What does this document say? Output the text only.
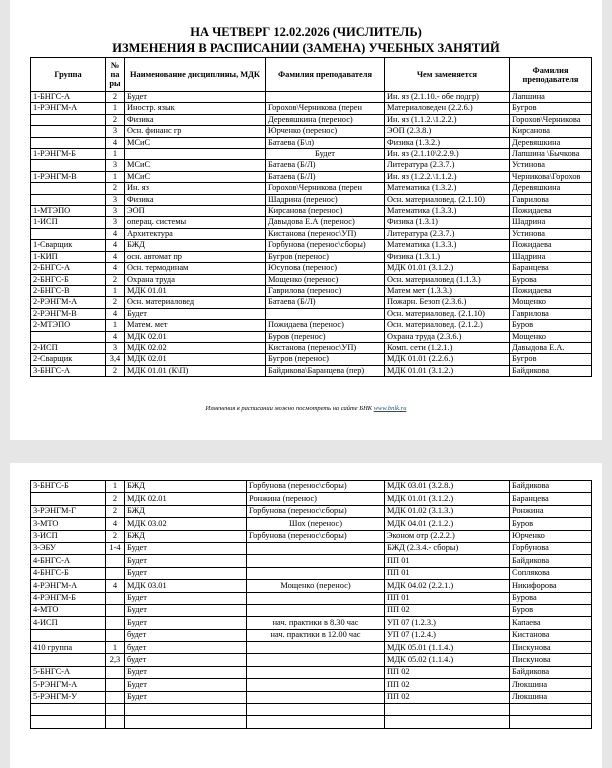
НА ЧЕТВЕРГ 12.02.2026 (ЧИСЛИТЕЛЬ)
ИЗМЕНЕНИЯ В РАСПИСАНИИ (ЗАМЕНА) УЧЕБНЫХ ЗАНЯТИЙ
Группа	№ па ры	Наименование дисциплины, МДК	Фамилия преподавателя	Чем заменяется	Фамилия преподавателя
1-БНГС-А	2	Будет		Ин. яз (2.1.10.- обе подгр)	Лапшина
1-РЭНГМ-А	1	Иностр. язык	Горохов\Черникова (перен	Материаловеден (2.2.6.)	Бугров
	2	Физика	Деревяшкина (перенос)	Ин. яз (1.1.2.\1.2.2.)	Горохов\Черникова
	3	Осн. финанс гр	Юрченко (перенос)	ЭОП (2.3.8.)	Кирсанова
	4	МСиС	Батаева (Б\л)	Физика (1.3.2.)	Деревяшкина
1-РЭНГМ-Б	1		Будет	Ин. яз (2.1.10\2.2.9.)	Лапшина \Бычкова
	3	МСиС	Батаева (Б/Л)	Литература (2.3.7.)	Устинова
1-РЭНГМ-В	1	МСиС	Батаева (Б/Л)	Ин. яз (1.2.2.\1.1.2.)	Черникова\Горохов
	2	Ин. яз	Горохов\Черникова (перен	Математика (1.3.2.)	Деревяшкина
	3	Физика	Шадрина (перенос)	Осн. материаловед. (2.1.10)	Гаврилова
1-МТЭПО	3	ЭОП	Кирсанова (перенос)	Математика (1.3.3.)	Пожидаева
1-ИСП	3	операц. системы	Давыдова Е.А (перенос)	Физика (1.3.1)	Шадрина
	4	Архитектура	Кистанова (перенос\УП)	Литература (2.3.7.)	Устинова
1-Сварщик	4	БЖД	Горбунова (перенос\сборы)	Математика (1.3.3.)	Пожидаева
1-КИП	4	осн. автомат пр	Бугров (перенос)	Физика (1.3.1.)	Шадрина
2-БНГС-А	4	Осн. термодинам	Юсупова (перенос)	МДК 01.01 (3.1.2.)	Баранцева
2-БНГС-Б	2	Охрана труда	Мощенко (перенос)	Осн. материаловед (1.1.3.)	Бурова
2-БНГС-В	1	МДК 01.01	Гаврилова (перенос)	Матем мет (1.3.3.)	Пожидаева
2-РЭНГМ-А	2	Осн. материаловед	Батаева (Б/Л)	Пожарн. Безоп (2.3.6.)	Мощенко
2-РЭНГМ-В	4	Будет		Осн. материаловед. (2.1.10)	Гаврилова
2-МТЭПО	1	Матем. мет	Пожидаева (перенос)	Осн. материаловед. (2.1.2.)	Буров
	4	МДК 02.01	Буров (перенос)	Охрана труда (2.3.6.)	Мощенко
2-ИСП	3	МДК 02.02	Кистанова (перенос\УП)	Комп. сети (1.2.1.)	Давыдова Е.А.
2-Сварщик	3,4	МДК 02.01	Бугров (перенос)	МДК 01.01 (2.2.6.)	Бугров
3-БНГС-А	2	МДК 01.01 (К\П)	Байдикова\Баранцева (пер)	МДК 01.01 (3.1.2.)	Байдикова
Изменения в расписании можно посмотреть на сайте БНК www.bnlk.ru
3-БНГС-Б	1	БЖД	Горбунова (перенос\сборы)	МДК 03.01 (3.2.8.)	Байдикова
	2	МДК 02.01	Ронжина (перенос)	МДК 01.01 (3.1.2.)	Баранцева
3-РЭНГМ-Г	2	БЖД	Горбунова (перенос\сборы)	МДК 01.02 (3.1.3.)	Ронжина
3-МТО	4	МДК 03.02	Шох (перенос)	МДК 04.01 (2.1.2.)	Буров
3-ИСП	2	БЖД	Горбунова (перенос\сборы)	Эконом отр (2.2.2.)	Юрченко
3-ЭБУ	1-4	Будет		БЖД (2.3.4.- сборы)	Горбунова
4-БНГС-А		Будет		ПП 01	Байдикова
4-БНГС-Б		Будет		ПП 01	Соплякова
4-РЭНГМ-А	4	МДК 03.01	Мощенко (перенос)	МДК 04.02 (2.2.1.)	Никифорова
4-РЭНГМ-Б		Будет		ПП 01	Бурова
4-МТО		Будет		ПП 02	Буров
4-ИСП		Будет	нач. практики в 8.30 час	УП 07 (1.2.3.)	Капаева
		будет	нач. практики в 12.00 час	УП 07 (1.2.4.)	Кистанова
410 группа	1	будет		МДК 05.01 (1.1.4.)	Пискунова
	2,3	будет		МДК 05.02 (1.1.4.)	Пискунова
5-БНГС-А		Будет		ПП 02	Байдикова
5-РЭНГМ-А		Будет		ПП 02	Люкшина
5-РЭНГМ-У		Будет		ПП 02	Люкшина
